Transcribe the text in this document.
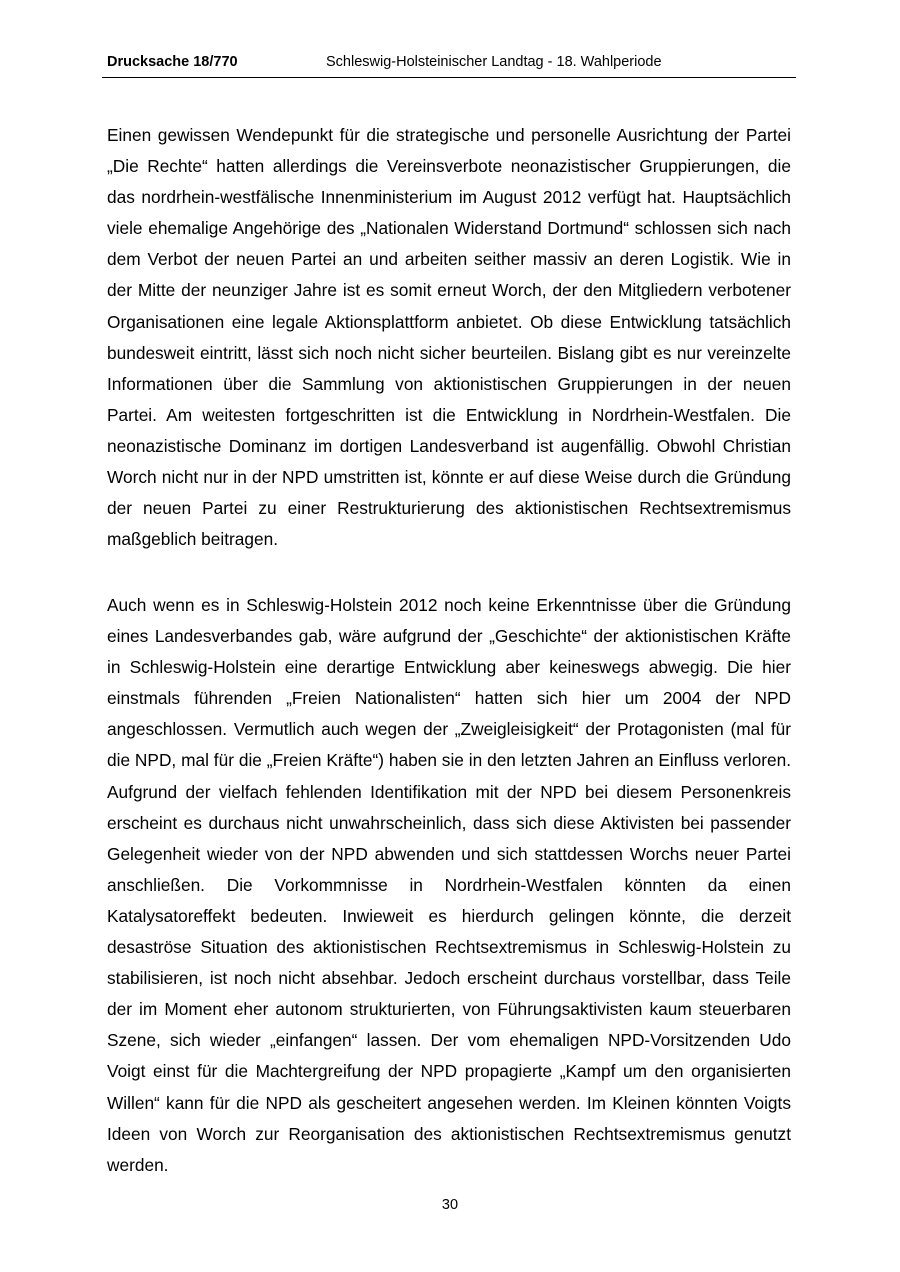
Drucksache 18/770	Schleswig-Holsteinischer Landtag - 18. Wahlperiode

Einen gewissen Wendepunkt für die strategische und personelle Ausrichtung der Partei „Die Rechte“ hatten allerdings die Vereinsverbote neonazistischer Gruppierungen, die das nordrhein-westfälische Innenministerium im August 2012 verfügt hat. Hauptsächlich viele ehemalige Angehörige des „Nationalen Widerstand Dortmund“ schlossen sich nach dem Verbot der neuen Partei an und arbeiten seither massiv an deren Logistik. Wie in der Mitte der neunziger Jahre ist es somit erneut Worch, der den Mitgliedern verbotener Organisationen eine legale Aktionsplattform anbietet. Ob diese Entwicklung tatsächlich bundesweit eintritt, lässt sich noch nicht sicher beurteilen. Bislang gibt es nur vereinzelte Informationen über die Sammlung von aktionistischen Gruppierungen in der neuen Partei. Am weitesten fortgeschritten ist die Entwicklung in Nordrhein-Westfalen. Die neonazistische Dominanz im dortigen Landesverband ist augenfällig. Obwohl Christian Worch nicht nur in der NPD umstritten ist, könnte er auf diese Weise durch die Gründung der neuen Partei zu einer Restrukturierung des aktionistischen Rechtsextremismus maßgeblich beitragen.

Auch wenn es in Schleswig-Holstein 2012 noch keine Erkenntnisse über die Gründung eines Landesverbandes gab, wäre aufgrund der „Geschichte“ der aktionistischen Kräfte in Schleswig-Holstein eine derartige Entwicklung aber keineswegs abwegig. Die hier einstmals führenden „Freien Nationalisten“ hatten sich hier um 2004 der NPD angeschlossen. Vermutlich auch wegen der „Zweigleisigkeit“ der Protagonisten (mal für die NPD, mal für die „Freien Kräfte“) haben sie in den letzten Jahren an Einfluss verloren. Aufgrund der vielfach fehlenden Identifikation mit der NPD bei diesem Personenkreis erscheint es durchaus nicht unwahrscheinlich, dass sich diese Aktivisten bei passender Gelegenheit wieder von der NPD abwenden und sich stattdessen Worchs neuer Partei anschließen. Die Vorkommnisse in Nordrhein-Westfalen könnten da einen Katalysatoreffekt bedeuten. Inwieweit es hierdurch gelingen könnte, die derzeit desaströse Situation des aktionistischen Rechtsextremismus in Schleswig-Holstein zu stabilisieren, ist noch nicht absehbar. Jedoch erscheint durchaus vorstellbar, dass Teile der im Moment eher autonom strukturierten, von Führungsaktivisten kaum steuerbaren Szene, sich wieder „einfangen“ lassen. Der vom ehemaligen NPD-Vorsitzenden Udo Voigt einst für die Machtergreifung der NPD propagierte „Kampf um den organisierten Willen“ kann für die NPD als gescheitert angesehen werden. Im Kleinen könnten Voigts Ideen von Worch zur Reorganisation des aktionistischen Rechtsextremismus genutzt werden.

30
